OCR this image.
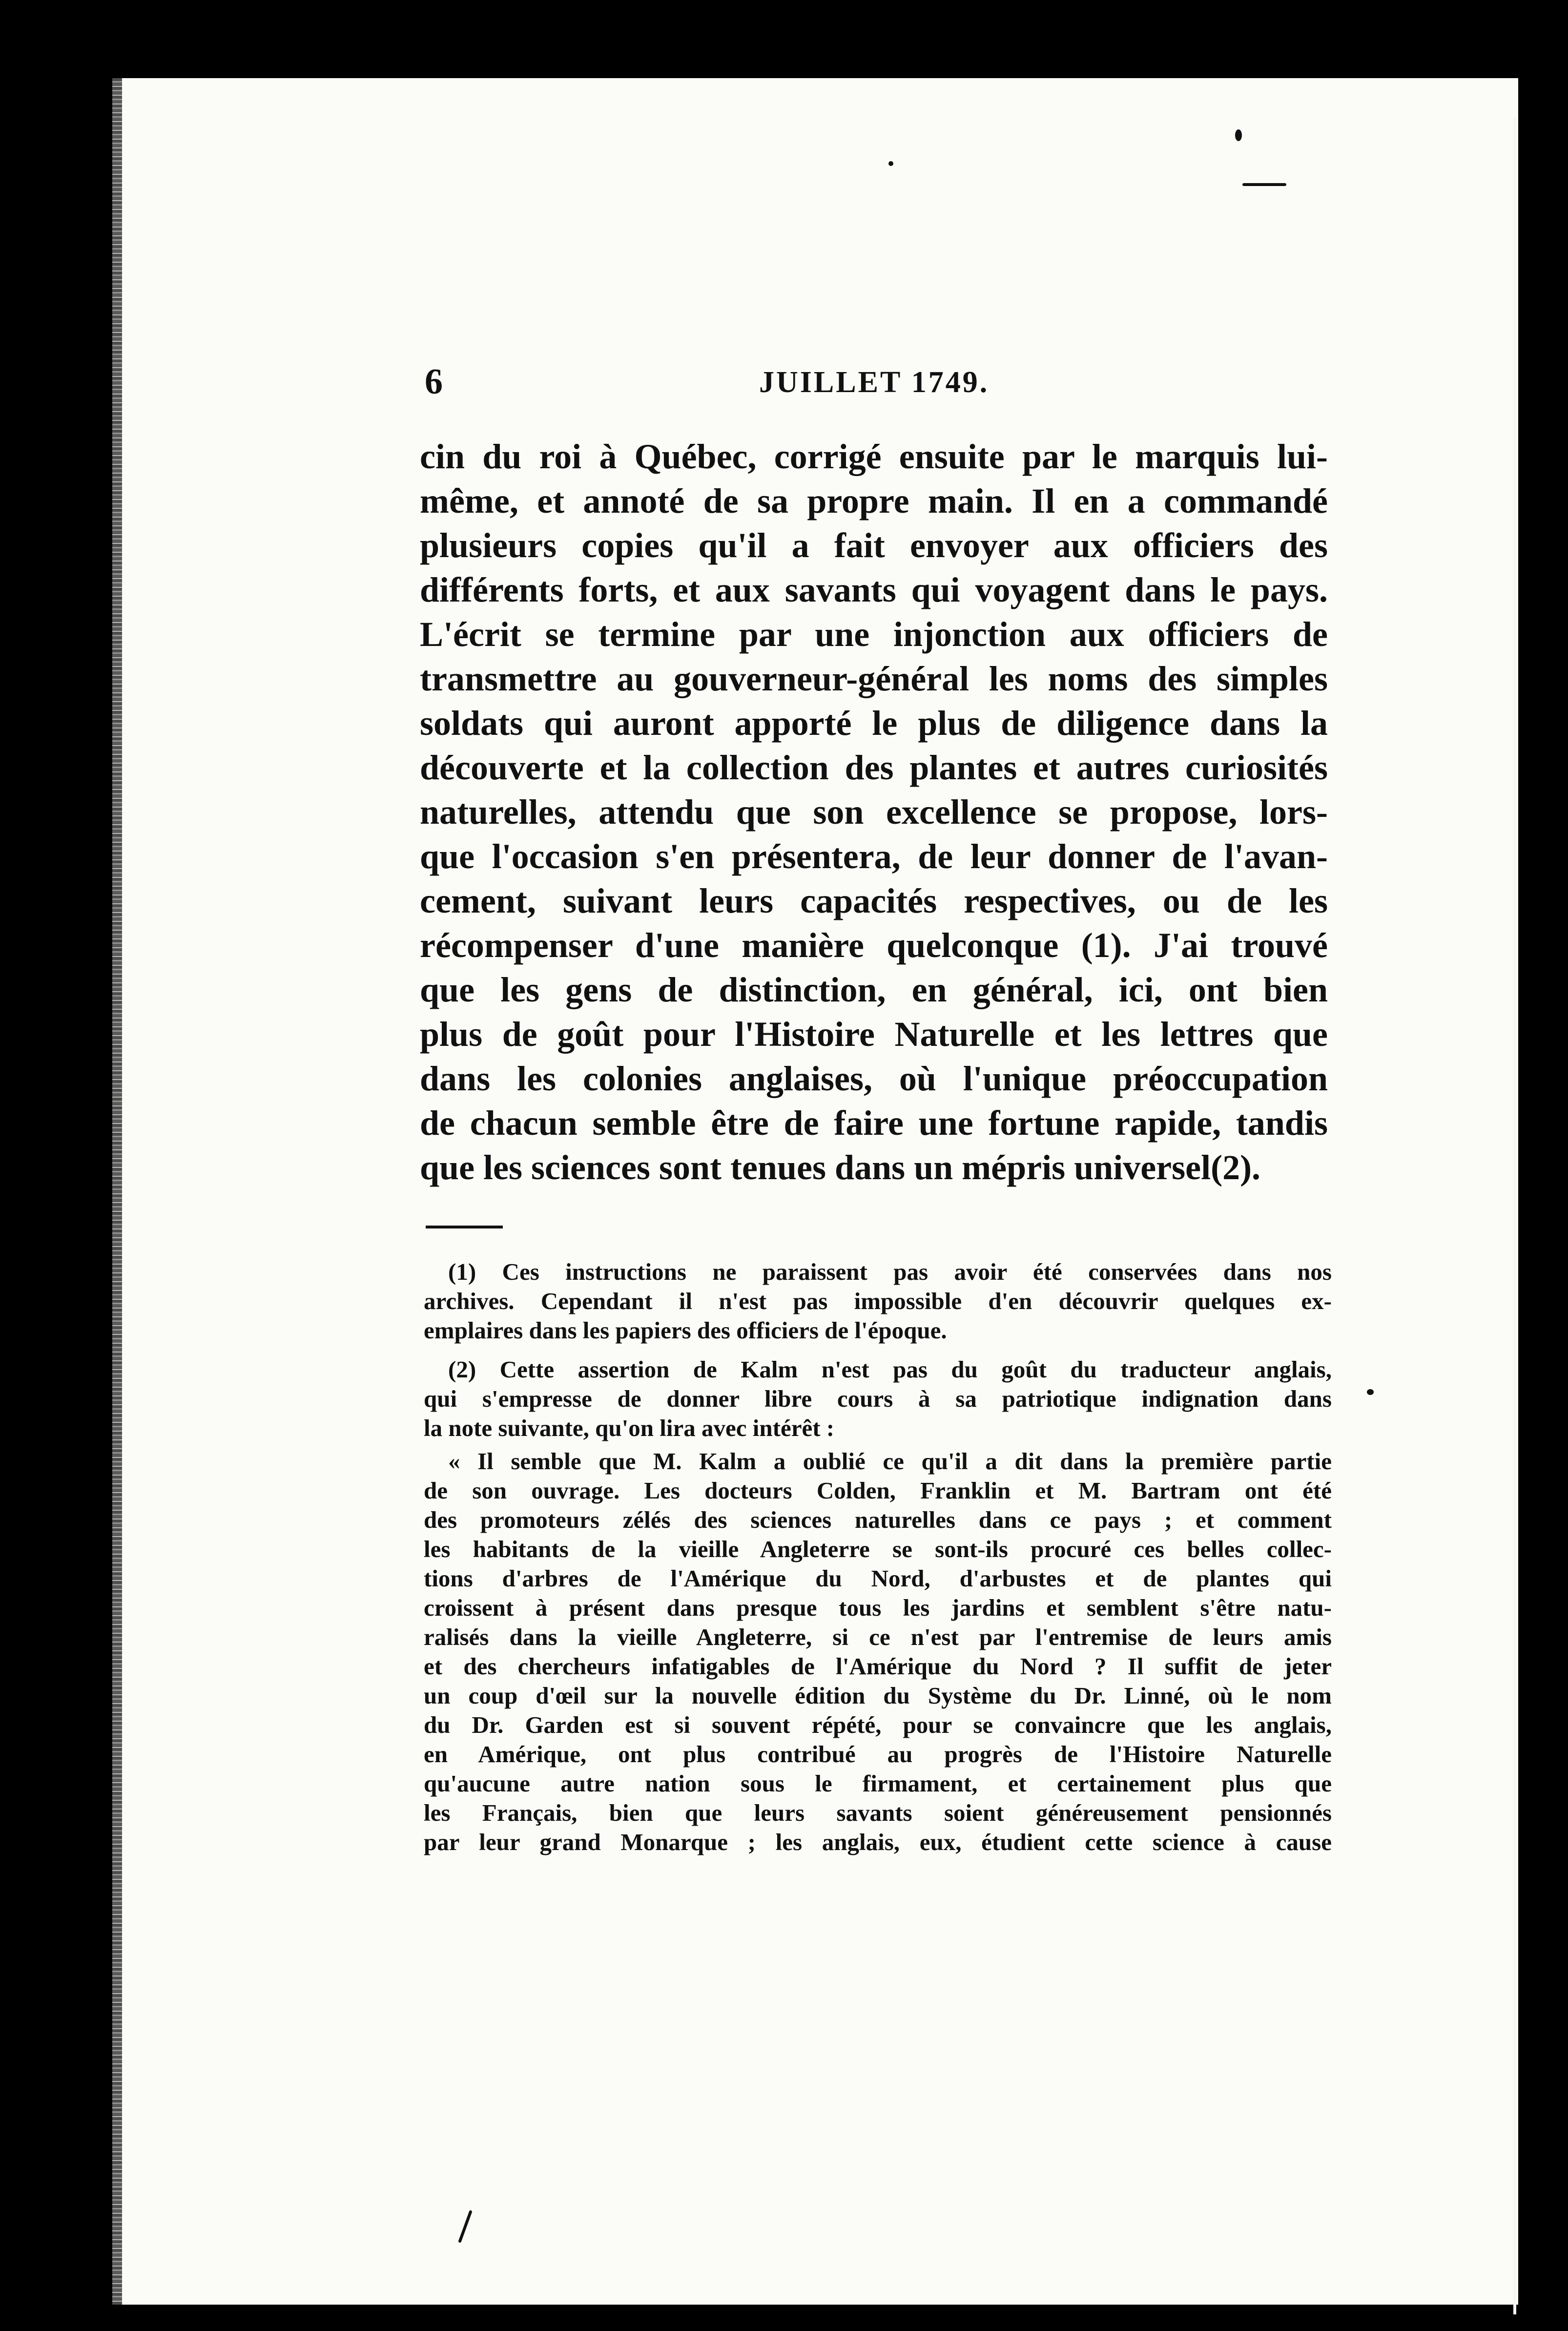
6	JUILLET 1749.
cin du roi à Québec, corrigé ensuite par le marquis lui-
même, et annoté de sa propre main. Il en a commandé
plusieurs copies qu'il a fait envoyer aux officiers des
différents forts, et aux savants qui voyagent dans le pays.
L'écrit se termine par une injonction aux officiers de
transmettre au gouverneur-général les noms des simples
soldats qui auront apporté le plus de diligence dans la
découverte et la collection des plantes et autres curiosités
naturelles, attendu que son excellence se propose, lors-
que l'occasion s'en présentera, de leur donner de l'avan-
cement, suivant leurs capacités respectives, ou de les
récompenser d'une manière quelconque (1). J'ai trouvé
que les gens de distinction, en général, ici, ont bien
plus de goût pour l'Histoire Naturelle et les lettres que
dans les colonies anglaises, où l'unique préoccupation
de chacun semble être de faire une fortune rapide, tandis
que les sciences sont tenues dans un mépris universel(2).
(1) Ces instructions ne paraissent pas avoir été conservées dans nos
archives. Cependant il n'est pas impossible d'en découvrir quelques ex-
emplaires dans les papiers des officiers de l'époque.
(2) Cette assertion de Kalm n'est pas du goût du traducteur anglais,
qui s'empresse de donner libre cours à sa patriotique indignation dans
la note suivante, qu'on lira avec intérêt :
« Il semble que M. Kalm a oublié ce qu'il a dit dans la première partie
de son ouvrage. Les docteurs Colden, Franklin et M. Bartram ont été
des promoteurs zélés des sciences naturelles dans ce pays ; et comment
les habitants de la vieille Angleterre se sont-ils procuré ces belles collec-
tions d'arbres de l'Amérique du Nord, d'arbustes et de plantes qui
croissent à présent dans presque tous les jardins et semblent s'être natu-
ralisés dans la vieille Angleterre, si ce n'est par l'entremise de leurs amis
et des chercheurs infatigables de l'Amérique du Nord ? Il suffit de jeter
un coup d'œil sur la nouvelle édition du Système du Dr. Linné, où le nom
du Dr. Garden est si souvent répété, pour se convaincre que les anglais,
en Amérique, ont plus contribué au progrès de l'Histoire Naturelle
qu'aucune autre nation sous le firmament, et certainement plus que
les Français, bien que leurs savants soient généreusement pensionnés
par leur grand Monarque ; les anglais, eux, étudient cette science à cause
